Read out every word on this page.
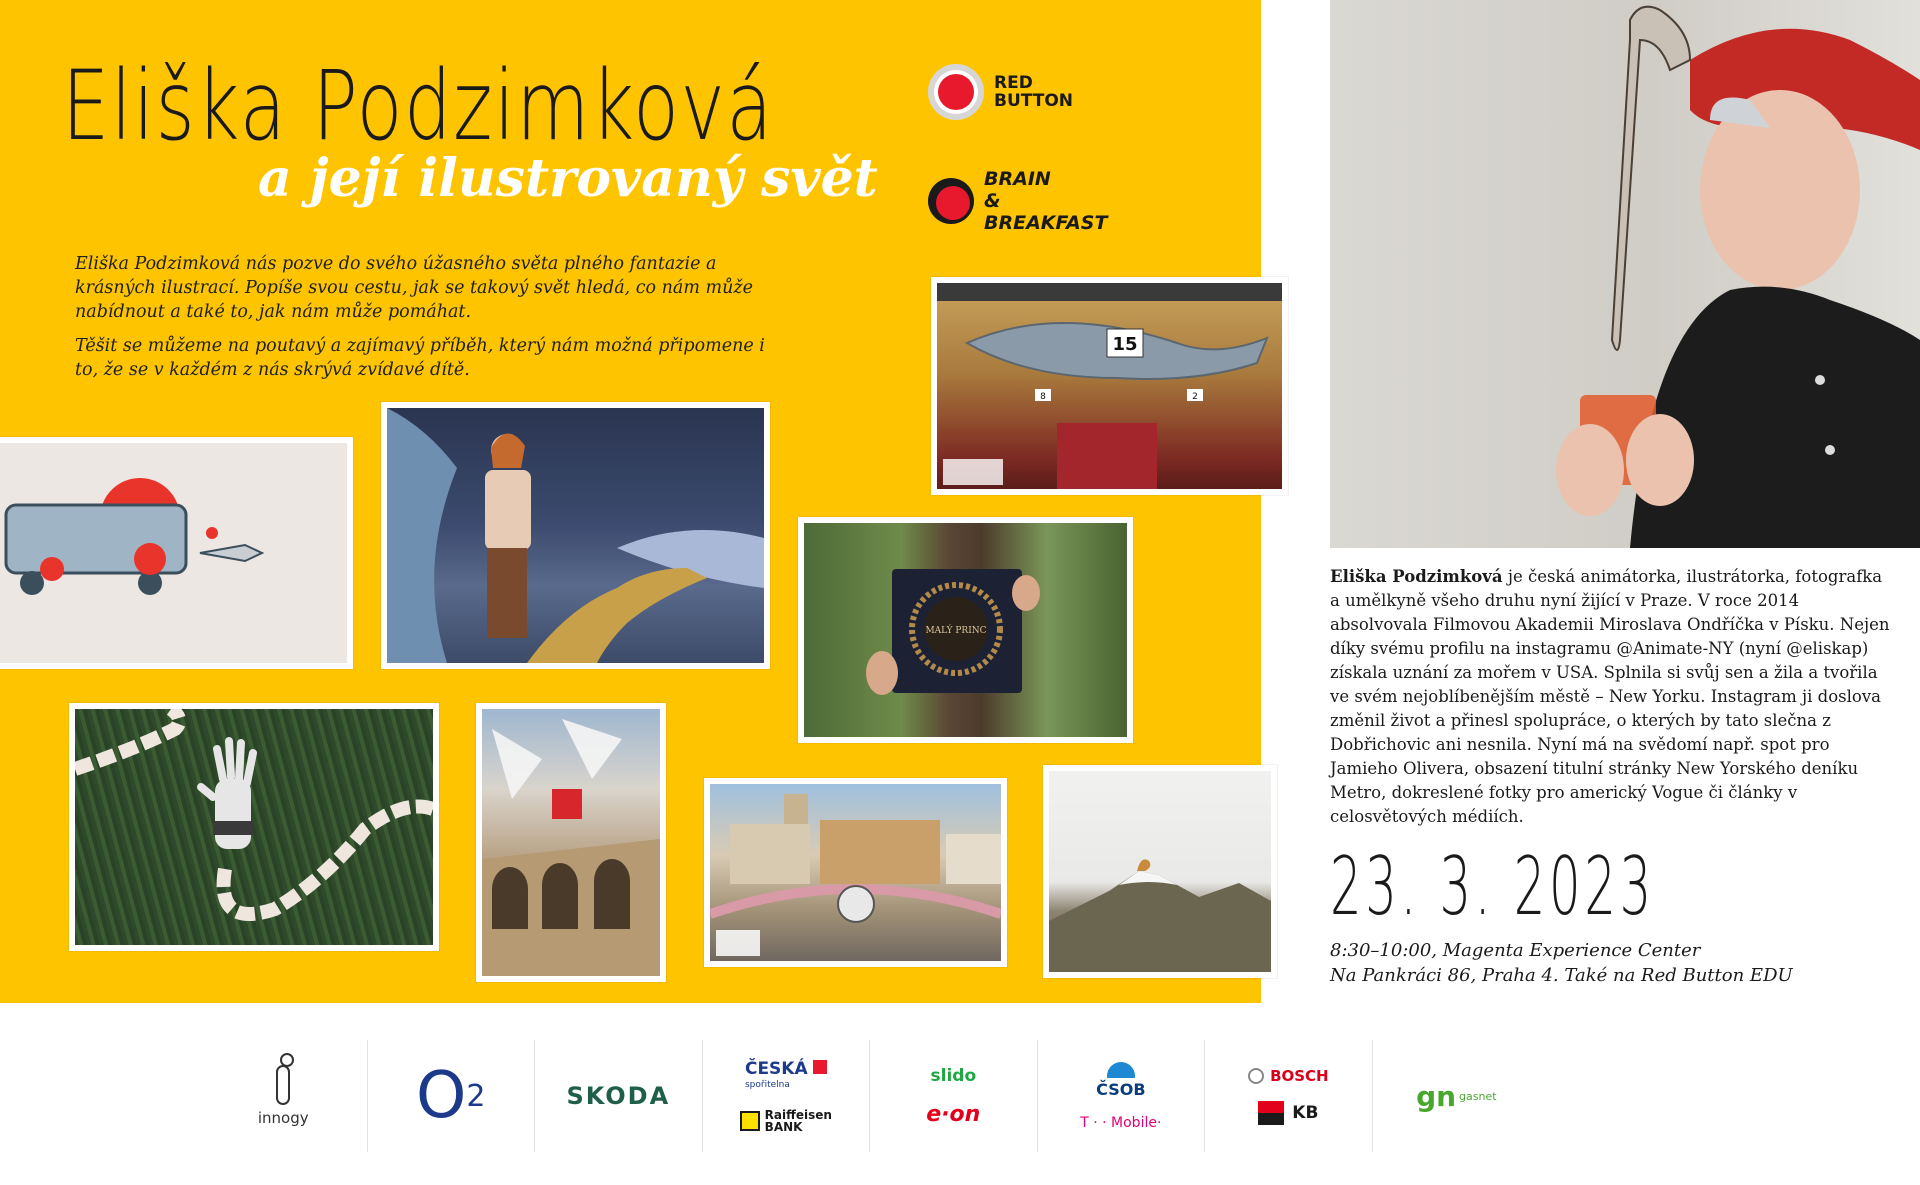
Eliška Podzimková
a její ilustrovaný svět

Eliška Podzimková nás pozve do svého úžasného světa plného fantazie a krásných ilustrací. Popíše svou cestu, jak se takový svět hledá, co nám může nabídnout a také to, jak nám může pomáhat.

Těšit se můžeme na poutavý a zajímavý příběh, který nám možná připomene i to, že se v každém z nás skrývá zvídavé dítě.

RED
BUTTON
BRAIN
& BREAKFAST
15
8	2
MALÝ PRINC

Eliška Podzimková je česká animátorka, ilustrátorka, fotografka a umělkyně všeho druhu nyní žijící v Praze. V roce 2014 absolvovala Filmovou Akademii Miroslava Ondříčka v Písku. Nejen díky svému profilu na instagramu @Animate-NY (nyní @eliskap) získala uznání za mořem v USA. Splnila si svůj sen a žila a tvořila ve svém nejoblíbenějším městě – New Yorku. Instagram ji doslova změnil život a přinesl spolupráce, o kterých by tato slečna z Dobřichovic ani nesnila. Nyní má na svědomí např. spot pro Jamieho Olivera, obsazení titulní stránky New Yorského deníku Metro, dokreslené fotky pro americký Vogue či články v celosvětových médiích.

23. 3. 2023
8:30–10:00, Magenta Experience Center
Na Pankráci 86, Praha 4. Také na Red Button EDU
innogy O 2	SKODA
ČESKÁ
spořitelna
Raiffeisen
BANK
slido
e·on
ČSOB
T · · Mobile·
BOSCH
KB
gn gasnet
